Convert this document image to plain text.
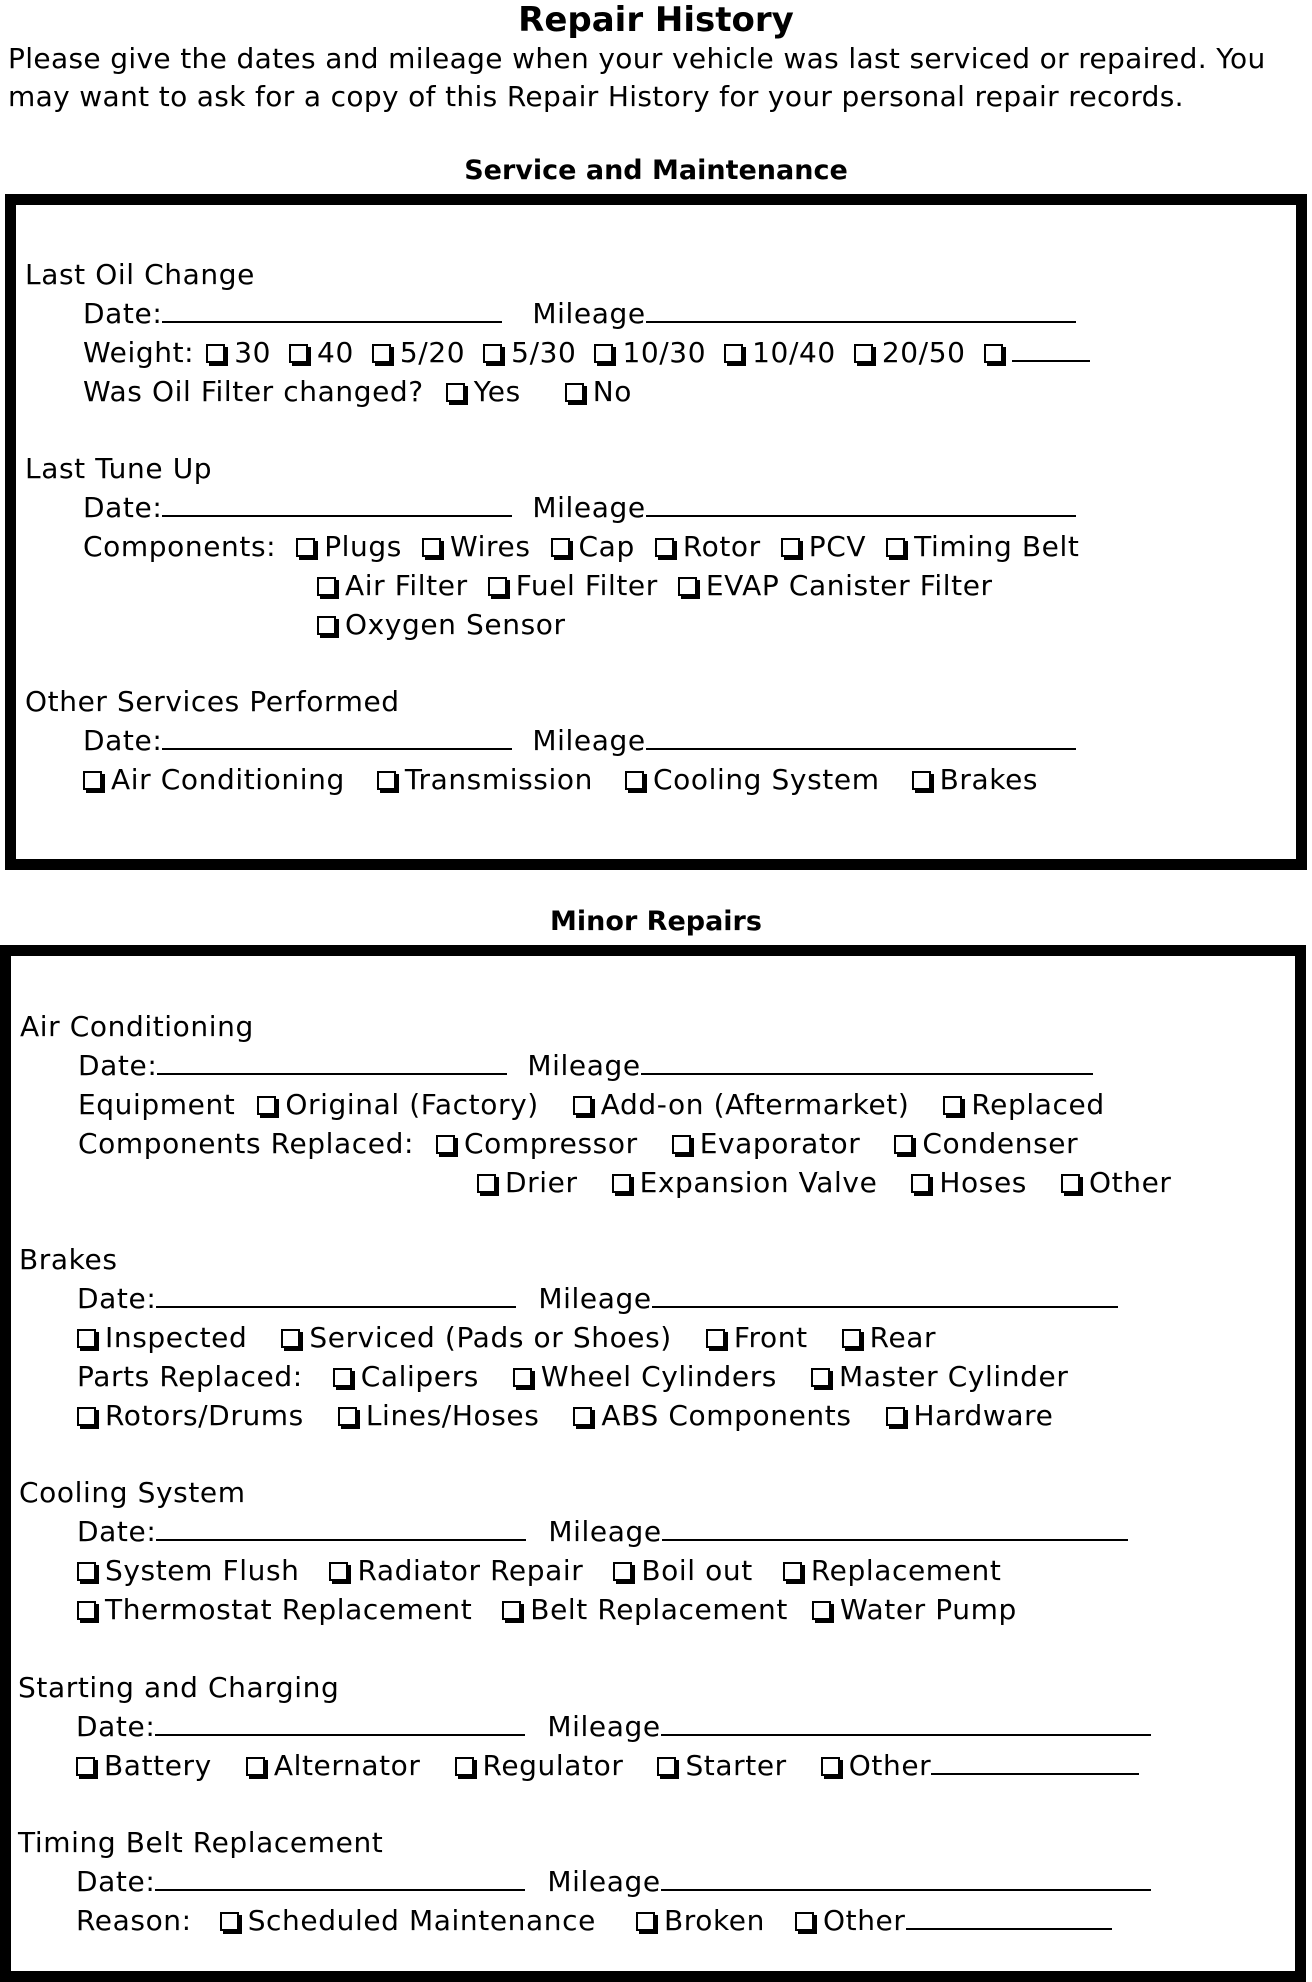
Repair History
Please give the dates and mileage when your vehicle was last serviced or repaired. You may want to ask for a copy of this Repair History for your personal repair records.
Service and Maintenance
Last Oil Change
Date:	Mileage
Weight: 30 40 5/20 5/30 10/30 10/40 20/50
Was Oil Filter changed? Yes	No
Last Tune Up
Date:	Mileage
Components: Plugs Wires Cap Rotor PCV Timing Belt
Air Filter Fuel Filter EVAP Canister Filter
Oxygen Sensor
Other Services Performed
Date:	Mileage
Air Conditioning Transmission Cooling System Brakes
Minor Repairs
Air Conditioning
Date:	Mileage
Equipment Original (Factory) Add-on (Aftermarket) Replaced
Components Replaced: Compressor Evaporator Condenser
Drier Expansion Valve Hoses Other
Brakes
Date:	Mileage
Inspected Serviced (Pads or Shoes) Front Rear
Parts Replaced: Calipers Wheel Cylinders Master Cylinder
Rotors/Drums Lines/Hoses ABS Components Hardware
Cooling System
Date:	Mileage
System Flush Radiator Repair Boil out Replacement
Thermostat Replacement Belt Replacement Water Pump
Starting and Charging
Date:	Mileage
Battery Alternator Regulator Starter Other
Timing Belt Replacement
Date:	Mileage
Reason: Scheduled Maintenance Broken Other
